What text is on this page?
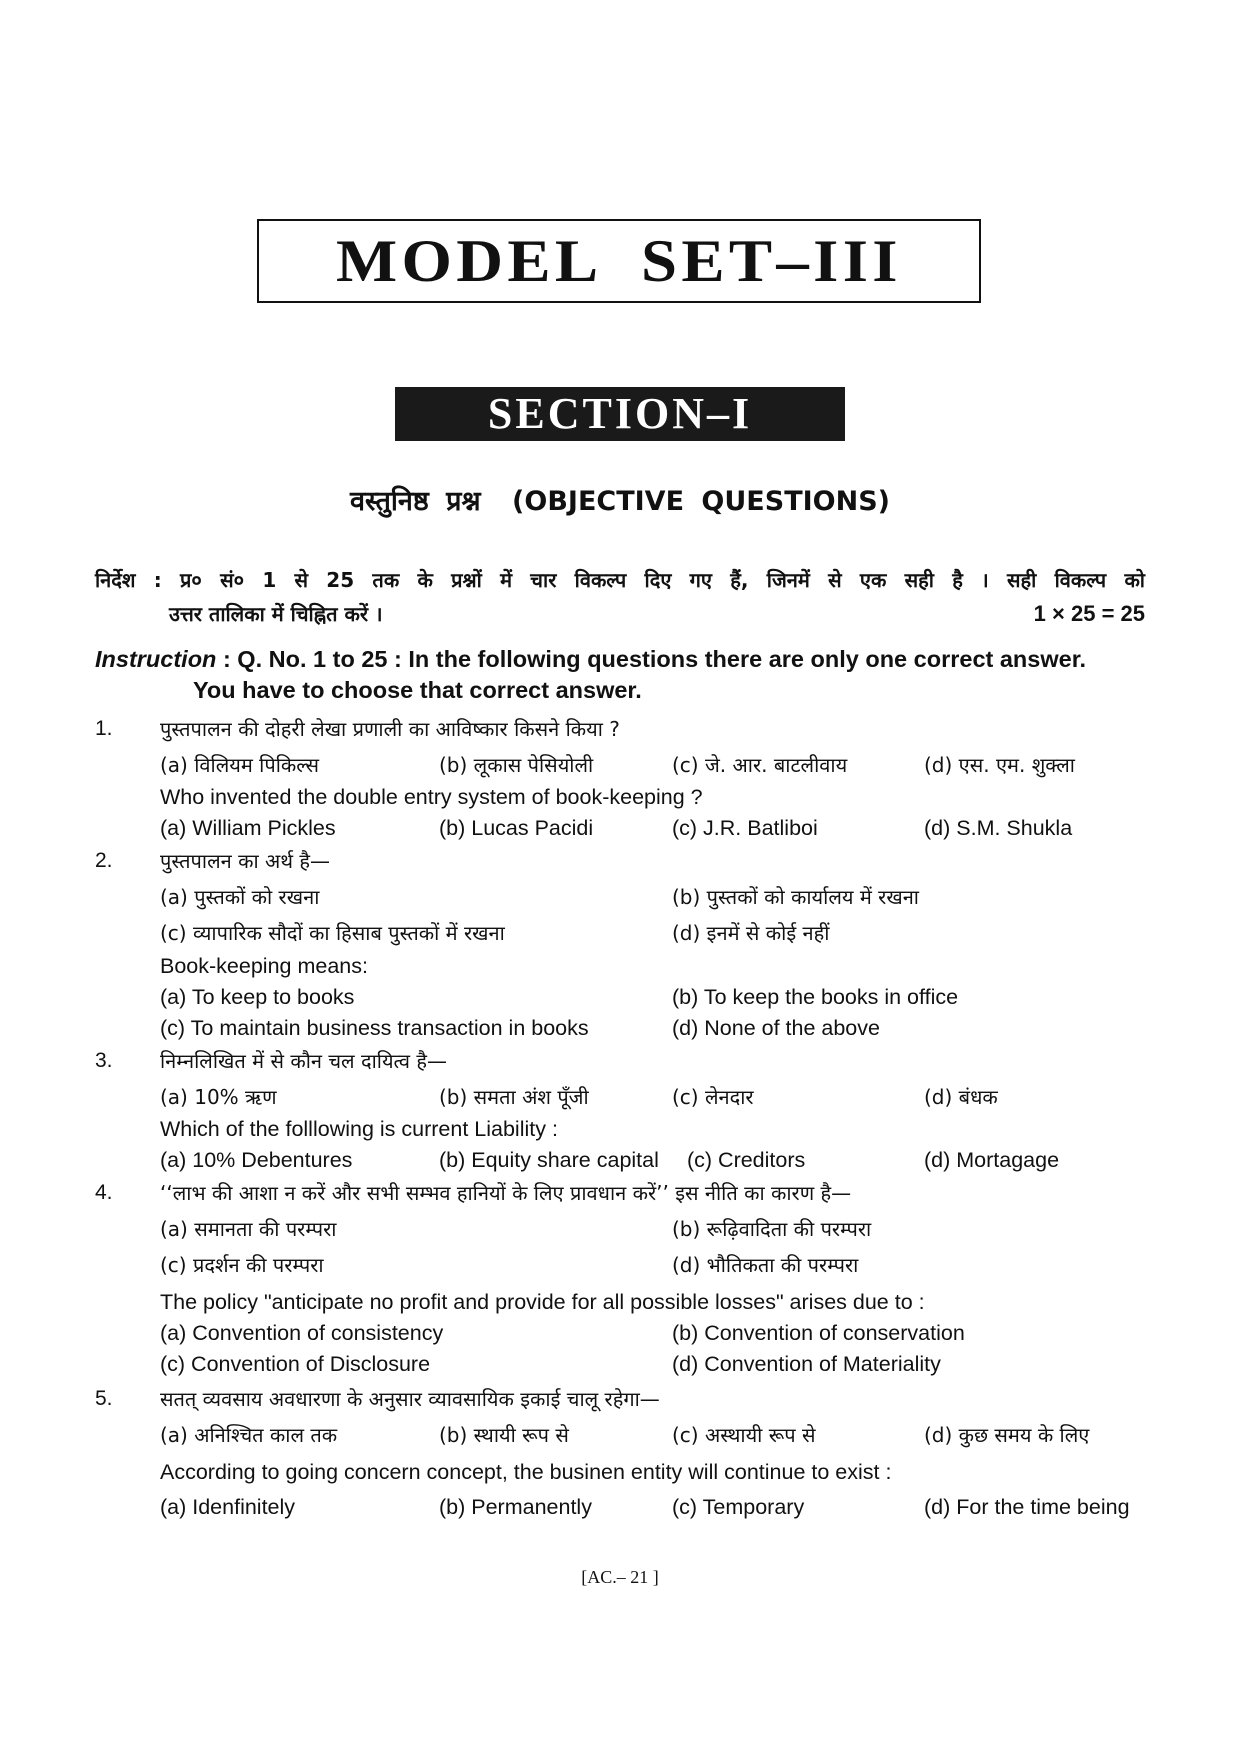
MODEL SET–III
SECTION–I
वस्तुनिष्ठ प्रश्न (OBJECTIVE QUESTIONS)
निर्देश : प्र० सं० 1 से 25 तक के प्रश्नों में चार विकल्प दिए गए हैं, जिनमें से एक सही है । सही विकल्प को
उत्तर तालिका में चिह्नित करें ।	1 × 25 = 25
Instruction : Q. No. 1 to 25 : In the following questions there are only one correct answer.
You have to choose that correct answer.
1. पुस्तपालन की दोहरी लेखा प्रणाली का आविष्कार किसने किया ?
(a) विलियम पिकिल्स	(b) लूकास पेसियोली	(c) जे. आर. बाटलीवाय	(d) एस. एम. शुक्ला
Who invented the double entry system of book-keeping ?
(a) William Pickles	(b) Lucas Pacidi	(c) J.R. Batliboi	(d) S.M. Shukla
2. पुस्तपालन का अर्थ है—
(a) पुस्तकों को रखना	(b) पुस्तकों को कार्यालय में रखना
(c) व्यापारिक सौदों का हिसाब पुस्तकों में रखना	(d) इनमें से कोई नहीं
Book-keeping means:
(a) To keep to books	(b) To keep the books in office
(c) To maintain business transaction in books	(d) None of the above
3. निम्नलिखित में से कौन चल दायित्व है—
(a) 10% ऋण	(b) समता अंश पूँजी	(c) लेनदार	(d) बंधक
Which of the folllowing is current Liability :
(a) 10% Debentures	(b) Equity share capital (c) Creditors	(d) Mortagage
4. ‘‘लाभ की आशा न करें और सभी सम्भव हानियों के लिए प्रावधान करें’’ इस नीति का कारण है—
(a) समानता की परम्परा	(b) रूढ़िवादिता की परम्परा
(c) प्रदर्शन की परम्परा	(d) भौतिकता की परम्परा
The policy "anticipate no profit and provide for all possible losses" arises due to :
(a) Convention of consistency	(b) Convention of conservation
(c) Convention of Disclosure	(d) Convention of Materiality
5. सतत् व्यवसाय अवधारणा के अनुसार व्यावसायिक इकाई चालू रहेगा—
(a) अनिश्चित काल तक	(b) स्थायी रूप से	(c) अस्थायी रूप से	(d) कुछ समय के लिए
According to going concern concept, the businen entity will continue to exist :
(a) Idenfinitely	(b) Permanently	(c) Temporary	(d) For the time being
[AC.– 21 ]
